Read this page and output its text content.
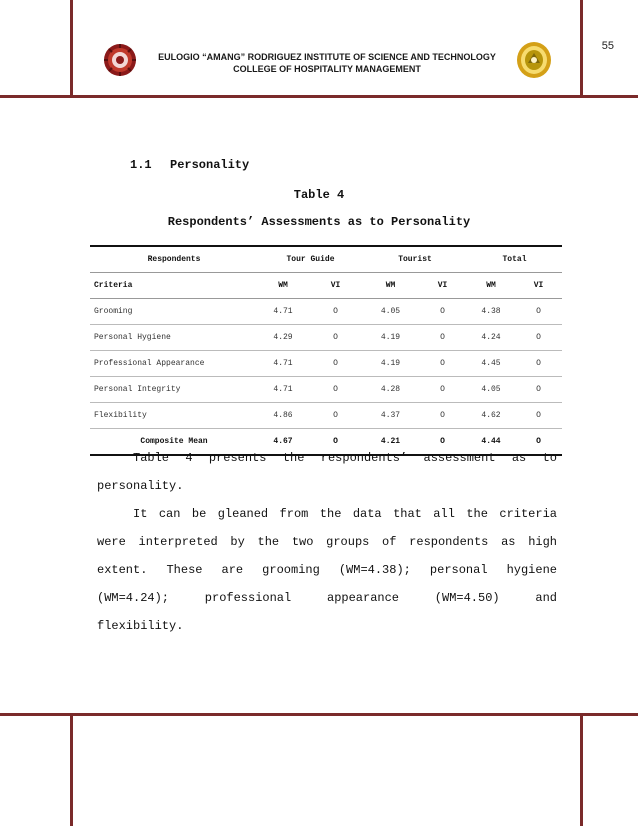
55
EULOGIO “AMANG” RODRIGUEZ INSTITUTE OF SCIENCE AND TECHNOLOGY
COLLEGE OF HOSPITALITY MANAGEMENT
1.1 Personality
Table 4
Respondents’ Assessments as to Personality
Respondents	Tour Guide		Tourist		Total	
Criteria	WM	VI	WM	VI	WM	VI
Grooming	4.71	O	4.05	O	4.38	O
Personal Hygiene	4.29	O	4.19	O	4.24	O
Professional Appearance	4.71	O	4.19	O	4.45	O
Personal Integrity	4.71	O	4.28	O	4.05	O
Flexibility	4.86	O	4.37	O	4.62	O
Composite Mean	4.67	O	4.21	O	4.44	O
Table 4 presents the respondents’ assessment as to
personality.
It can be gleaned from the data that all the criteria
were interpreted by the two groups of respondents as high
extent. These are grooming (WM=4.38); personal hygiene
(WM=4.24); professional appearance (WM=4.50) and
flexibility.
